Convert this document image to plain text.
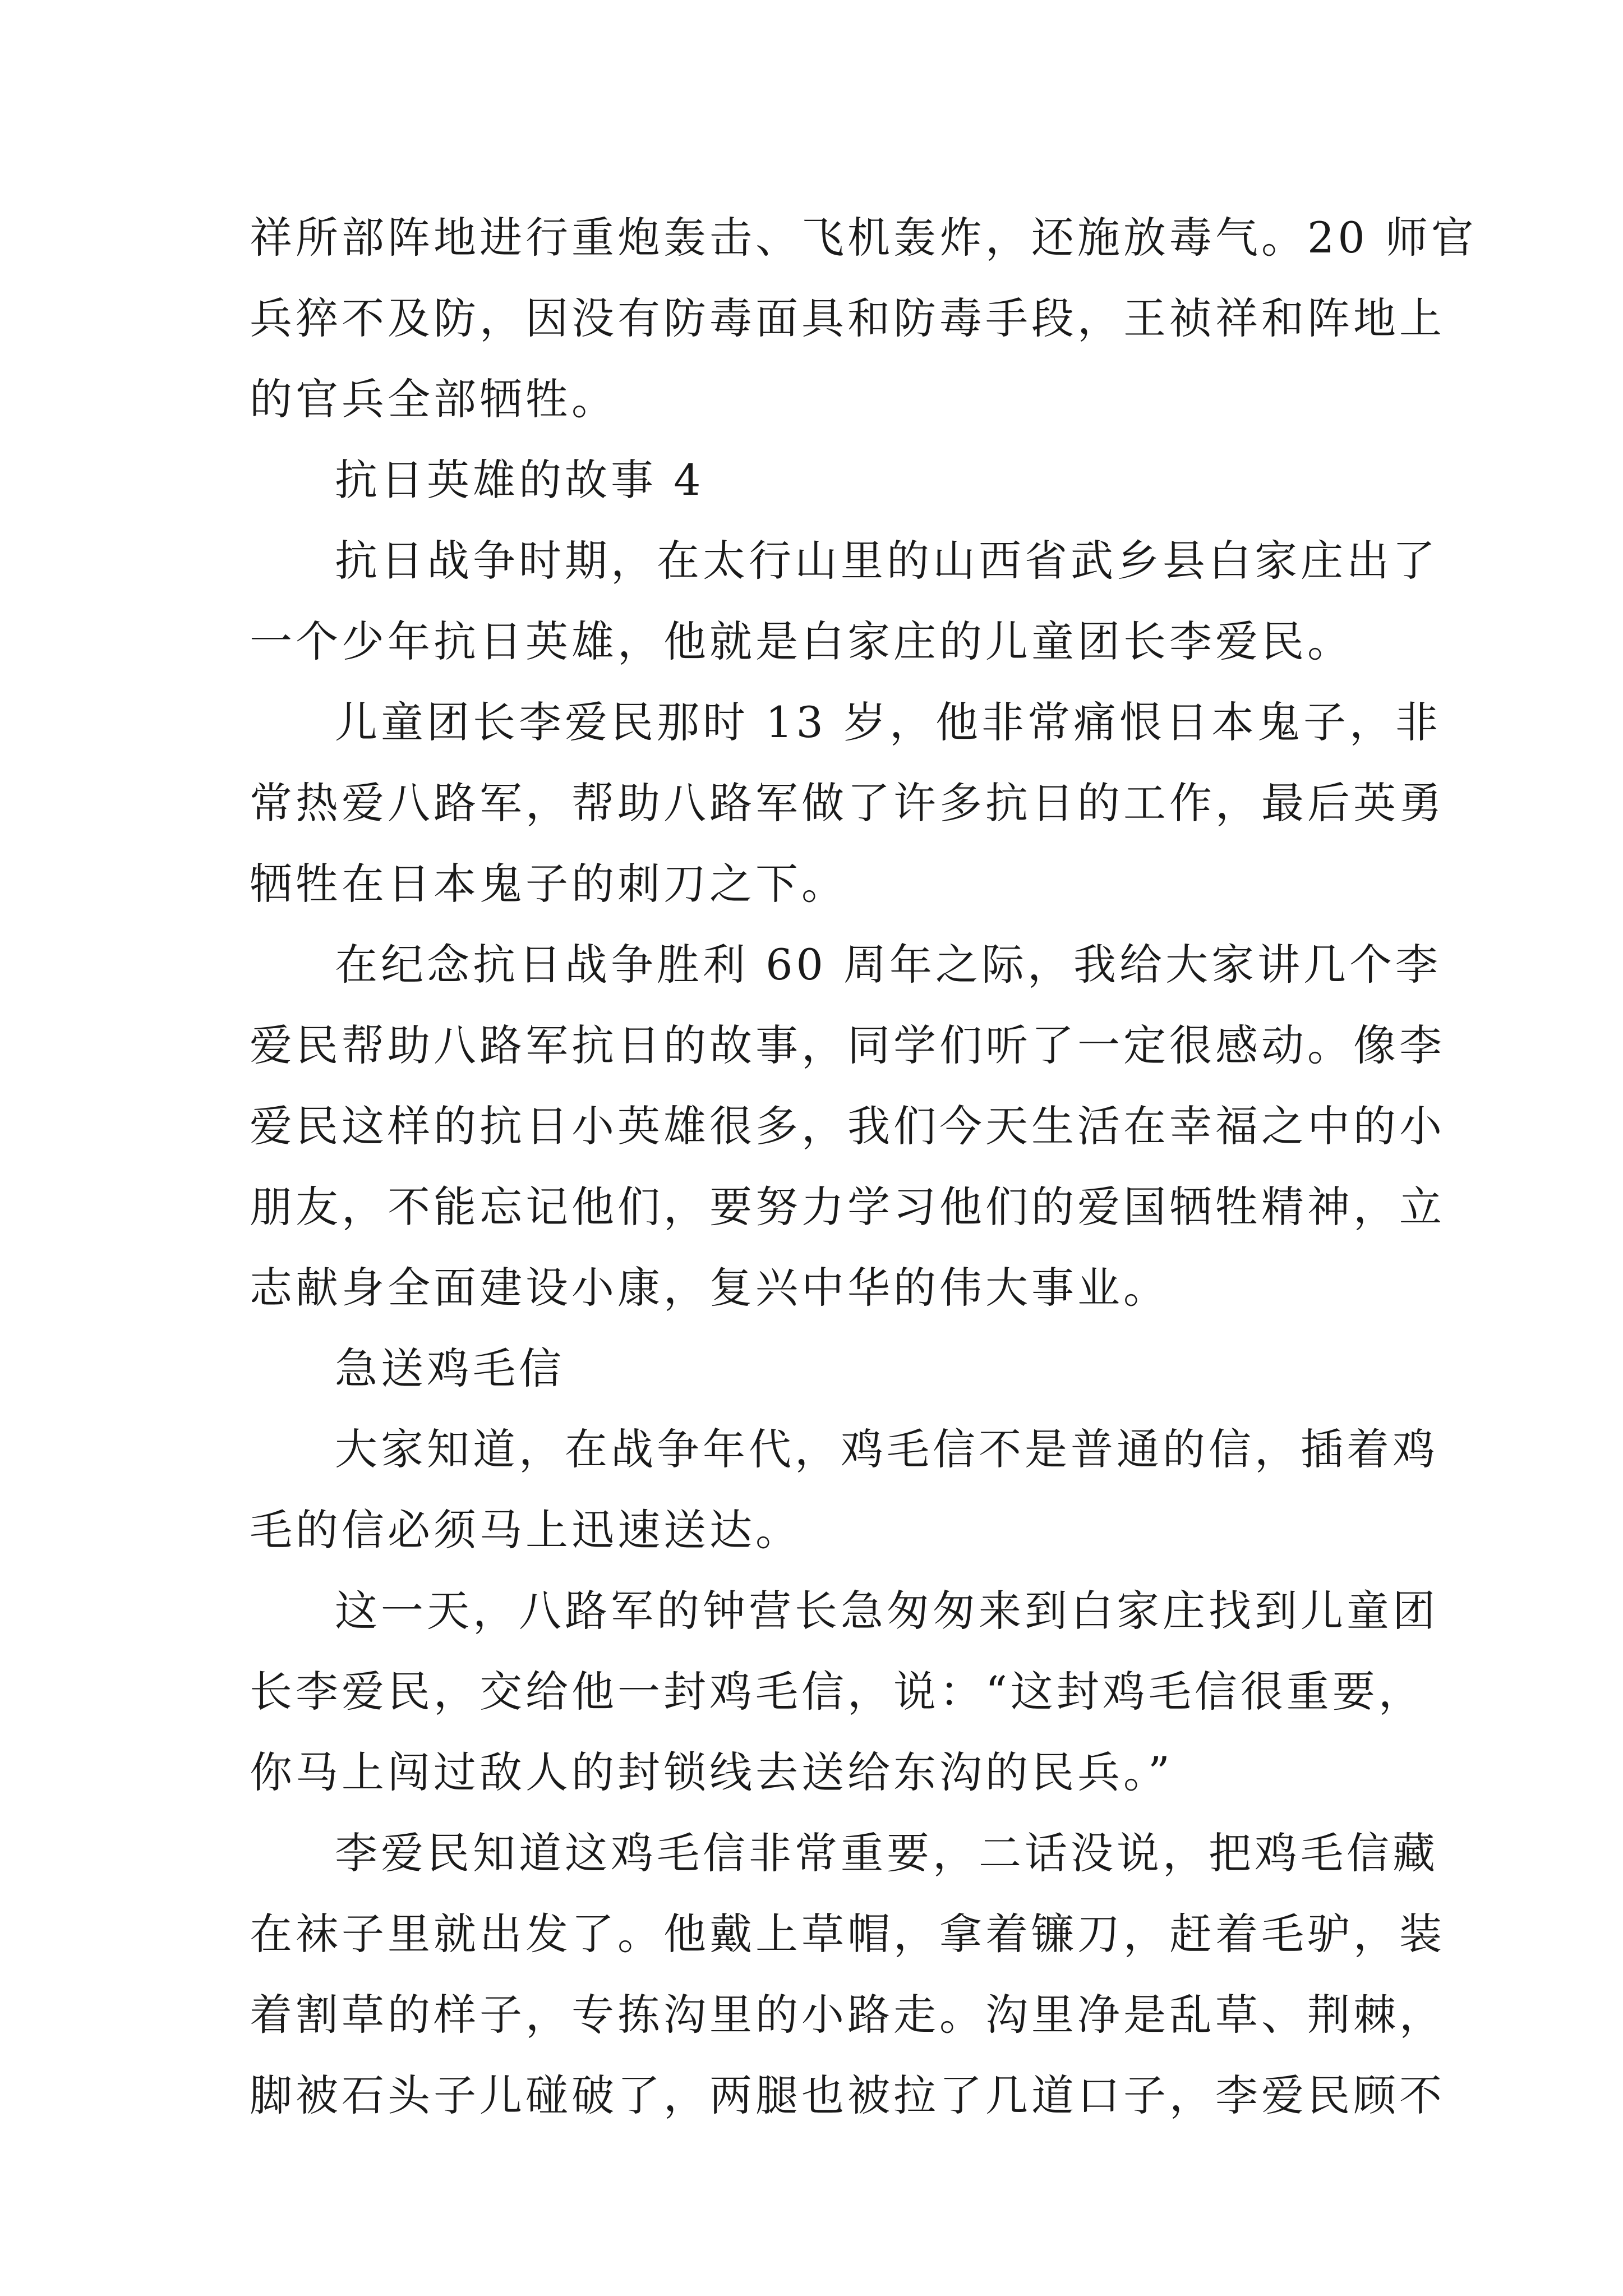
祥所部阵地进行重炮轰击、飞机轰炸，还施放毒气。20 师官
兵猝不及防，因没有防毒面具和防毒手段，王祯祥和阵地上
的官兵全部牺牲。
抗日英雄的故事 4
抗日战争时期，在太行山里的山西省武乡县白家庄出了
一个少年抗日英雄，他就是白家庄的儿童团长李爱民。
儿童团长李爱民那时 13 岁，他非常痛恨日本鬼子，非
常热爱八路军，帮助八路军做了许多抗日的工作，最后英勇
牺牲在日本鬼子的刺刀之下。
在纪念抗日战争胜利 60 周年之际，我给大家讲几个李
爱民帮助八路军抗日的故事，同学们听了一定很感动。像李
爱民这样的抗日小英雄很多，我们今天生活在幸福之中的小
朋友，不能忘记他们，要努力学习他们的爱国牺牲精神，立
志献身全面建设小康，复兴中华的伟大事业。
急送鸡毛信
大家知道，在战争年代，鸡毛信不是普通的信，插着鸡
毛的信必须马上迅速送达。
这一天，八路军的钟营长急匆匆来到白家庄找到儿童团
长李爱民，交给他一封鸡毛信，说：“这封鸡毛信很重要，
你马上闯过敌人的封锁线去送给东沟的民兵。”
李爱民知道这鸡毛信非常重要，二话没说，把鸡毛信藏
在袜子里就出发了。他戴上草帽，拿着镰刀，赶着毛驴，装
着割草的样子，专拣沟里的小路走。沟里净是乱草、荆棘，
脚被石头子儿碰破了，两腿也被拉了几道口子，李爱民顾不
